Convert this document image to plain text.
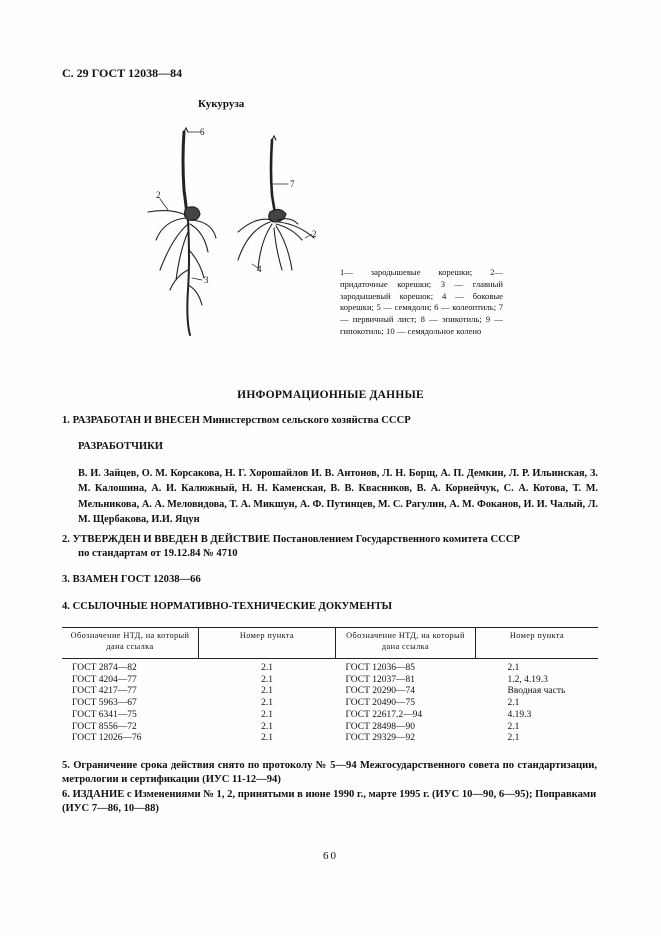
С. 29 ГОСТ 12038—84
Кукуруза
6
2
3
7
2
4	1— зародышевые корешки; 2— придаточные корешки; 3 — главный зародышевый корешок; 4 — боковые корешки; 5 — семядоли; 6 — колеоптиль; 7— первичный лист; 8 — эпикотиль; 9 — гипокотиль; 10 — семядольное колено
ИНФОРМАЦИОННЫЕ ДАННЫЕ
1. РАЗРАБОТАН И ВНЕСЕН Министерством сельского хозяйства СССР
РАЗРАБОТЧИКИ
В. И. Зайцев, О. М. Корсакова, Н. Г. Хорошайлов И. В. Антонов, Л. Н. Борщ, А. П. Демкин, Л. Р. Ильинская, З. М. Калошина, А. И. Калюжный, Н. Н. Каменская, В. В. Квасников, В. А. Корнейчук, С. А. Котова, Т. М. Мельникова, А. А. Меловидова, Т. А. Микшун, А. Ф. Путинцев, М. С. Рагулин, А. М. Фоканов, И. И. Чалый, Л. М. Щербакова, И.И. Яцун
2. УТВЕРЖДЕН И ВВЕДЕН В ДЕЙСТВИЕ Постановлением Государственного комитета СССР
по стандартам от 19.12.84 № 4710
3. ВЗАМЕН ГОСТ 12038—66
4. ССЫЛОЧНЫЕ НОРМАТИВНО-ТЕХНИЧЕСКИЕ ДОКУМЕНТЫ
Обозначение НТД, на который дана ссылка	Номер пункта	Обозначение НТД, на который дана ссылка	Номер пункта
ГОСТ 2874—82	2.1	ГОСТ 12036—85	2.1
ГОСТ 4204—77	2.1	ГОСТ 12037—81	1.2, 4.19.3
ГОСТ 4217—77	2.1	ГОСТ 20290—74	Вводная часть
ГОСТ 5963—67	2.1	ГОСТ 20490—75	2.1
ГОСТ 6341—75	2.1	ГОСТ 22617.2—94	4.19.3
ГОСТ 8556—72	2.1	ГОСТ 28498—90	2.1
ГОСТ 12026—76	2.1	ГОСТ 29329—92	2.1
5. Ограничение срока действия снято по протоколу № 5—94 Межгосударственного совета по стандартизации, метрологии и сертификации (ИУС 11-12—94)
6. ИЗДАНИЕ с Изменениями № 1, 2, принятыми в июне 1990 г., марте 1995 г. (ИУС 10—90, 6—95); Поправками (ИУС 7—86, 10—88)
60
